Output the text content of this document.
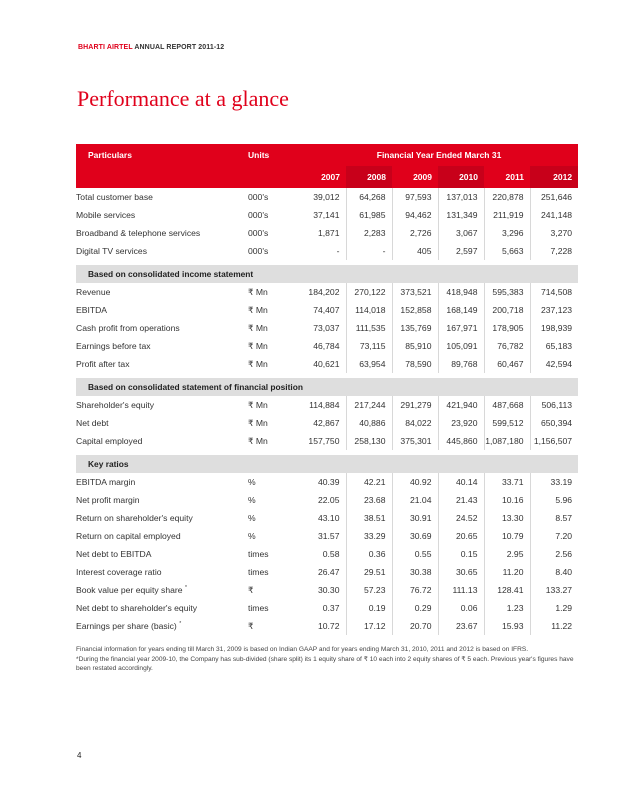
BHARTI AIRTEL ANNUAL REPORT 2011-12
Performance at a glance
Particulars	Units	Financial Year Ended March 31					
		2007	2008	2009	2010	2011	2012
Total customer base	000's	39,012	64,268	97,593	137,013	220,878	251,646
Mobile services	000's	37,141	61,985	94,462	131,349	211,919	241,148
Broadband & telephone services	000's	1,871	2,283	2,726	3,067	3,296	3,270
Digital TV services	000's	-	-	405	2,597	5,663	7,228

Based on consolidated income statement							
Revenue	₹ Mn	184,202	270,122	373,521	418,948	595,383	714,508
EBITDA	₹ Mn	74,407	114,018	152,858	168,149	200,718	237,123
Cash profit from operations	₹ Mn	73,037	111,535	135,769	167,971	178,905	198,939
Earnings before tax	₹ Mn	46,784	73,115	85,910	105,091	76,782	65,183
Profit after tax	₹ Mn	40,621	63,954	78,590	89,768	60,467	42,594

Based on consolidated statement of financial position							
Shareholder's equity	₹ Mn	114,884	217,244	291,279	421,940	487,668	506,113
Net debt	₹ Mn	42,867	40,886	84,022	23,920	599,512	650,394
Capital employed	₹ Mn	157,750	258,130	375,301	445,860	1,087,180	1,156,507

Key ratios							
EBITDA margin	%	40.39	42.21	40.92	40.14	33.71	33.19
Net profit margin	%	22.05	23.68	21.04	21.43	10.16	5.96
Return on shareholder's equity	%	43.10	38.51	30.91	24.52	13.30	8.57
Return on capital employed	%	31.57	33.29	30.69	20.65	10.79	7.20
Net debt to EBITDA	times	0.58	0.36	0.55	0.15	2.95	2.56
Interest coverage ratio	times	26.47	29.51	30.38	30.65	11.20	8.40
Book value per equity share *	₹	30.30	57.23	76.72	111.13	128.41	133.27
Net debt to shareholder's equity	times	0.37	0.19	0.29	0.06	1.23	1.29
Earnings per share (basic) *	₹	10.72	17.12	20.70	23.67	15.93	11.22

Financial information for years ending till March 31, 2009 is based on Indian GAAP and for years ending March 31, 2010, 2011 and 2012 is based on IFRS.

*During the financial year 2009-10, the Company has sub-divided (share split) its 1 equity share of ₹ 10 each into 2 equity shares of ₹ 5 each. Previous year's figures have been restated accordingly.

4
